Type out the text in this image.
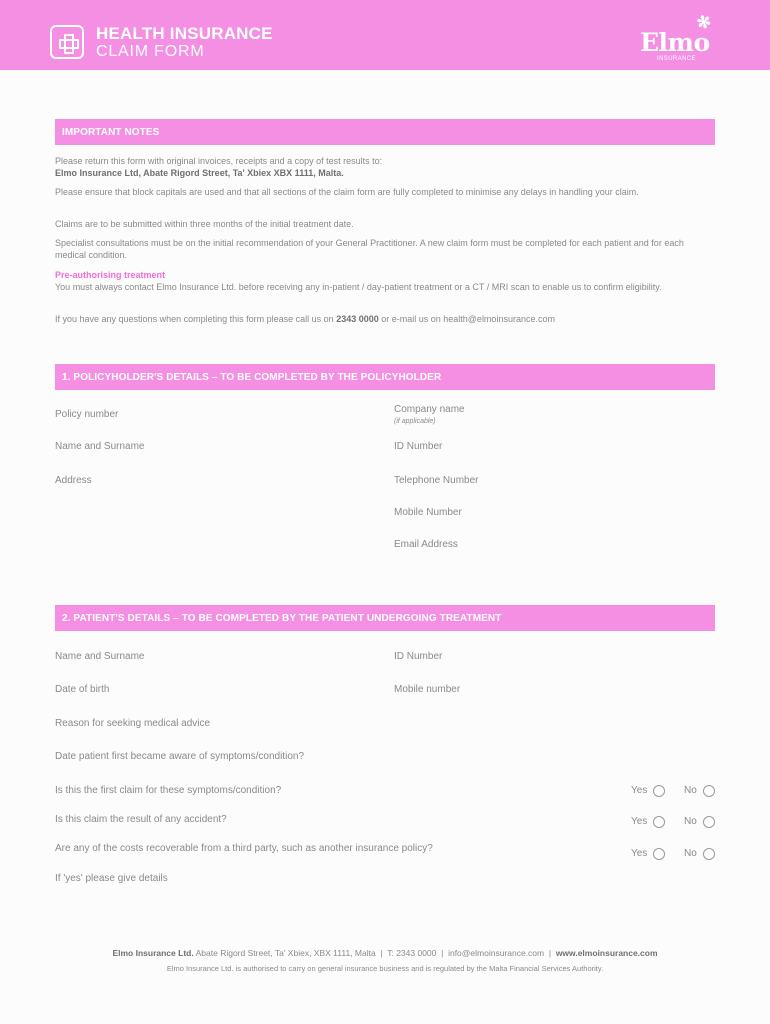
HEALTH INSURANCE
CLAIM FORM
✻
Elmo
INSURANCE
IMPORTANT NOTES
Please return this form with original invoices, receipts and a copy of test results to:
Elmo Insurance Ltd, Abate Rigord Street, Ta' Xbiex XBX 1111, Malta.
Please ensure that block capitals are used and that all sections of the claim form are fully completed to minimise any delays in handling your claim.
Claims are to be submitted within three months of the initial treatment date.
Specialist consultations must be on the initial recommendation of your General Practitioner. A new claim form must be completed for each patient and for each medical condition.
Pre-authorising treatment
You must always contact Elmo Insurance Ltd. before receiving any in-patient / day-patient treatment or a CT / MRI scan to enable us to confirm eligibility.
If you have any questions when completing this form please call us on 2343 0000 or e-mail us on health@elmoinsurance.com
1. POLICYHOLDER'S DETAILS – TO BE COMPLETED BY THE POLICYHOLDER
Policy number	Company name
(if applicable)
Name and Surname	ID Number
Address	Telephone Number
Mobile Number
Email Address
2. PATIENT'S DETAILS – TO BE COMPLETED BY THE PATIENT UNDERGOING TREATMENT
Name and Surname	ID Number
Date of birth	Mobile number
Reason for seeking medical advice
Date patient first became aware of symptoms/condition?
Is this the first claim for these symptoms/condition?	Yes	No
Is this claim the result of any accident?	Yes	No
Are any of the costs recoverable from a third party, such as another insurance policy?	Yes	No
If 'yes' please give details
Elmo Insurance Ltd. Abate Rigord Street, Ta' Xbiex, XBX 1111, Malta  |  T: 2343 0000  |  info@elmoinsurance.com  |  www.elmoinsurance.com
Elmo Insurance Ltd. is authorised to carry on general insurance business and is regulated by the Malta Financial Services Authority.
